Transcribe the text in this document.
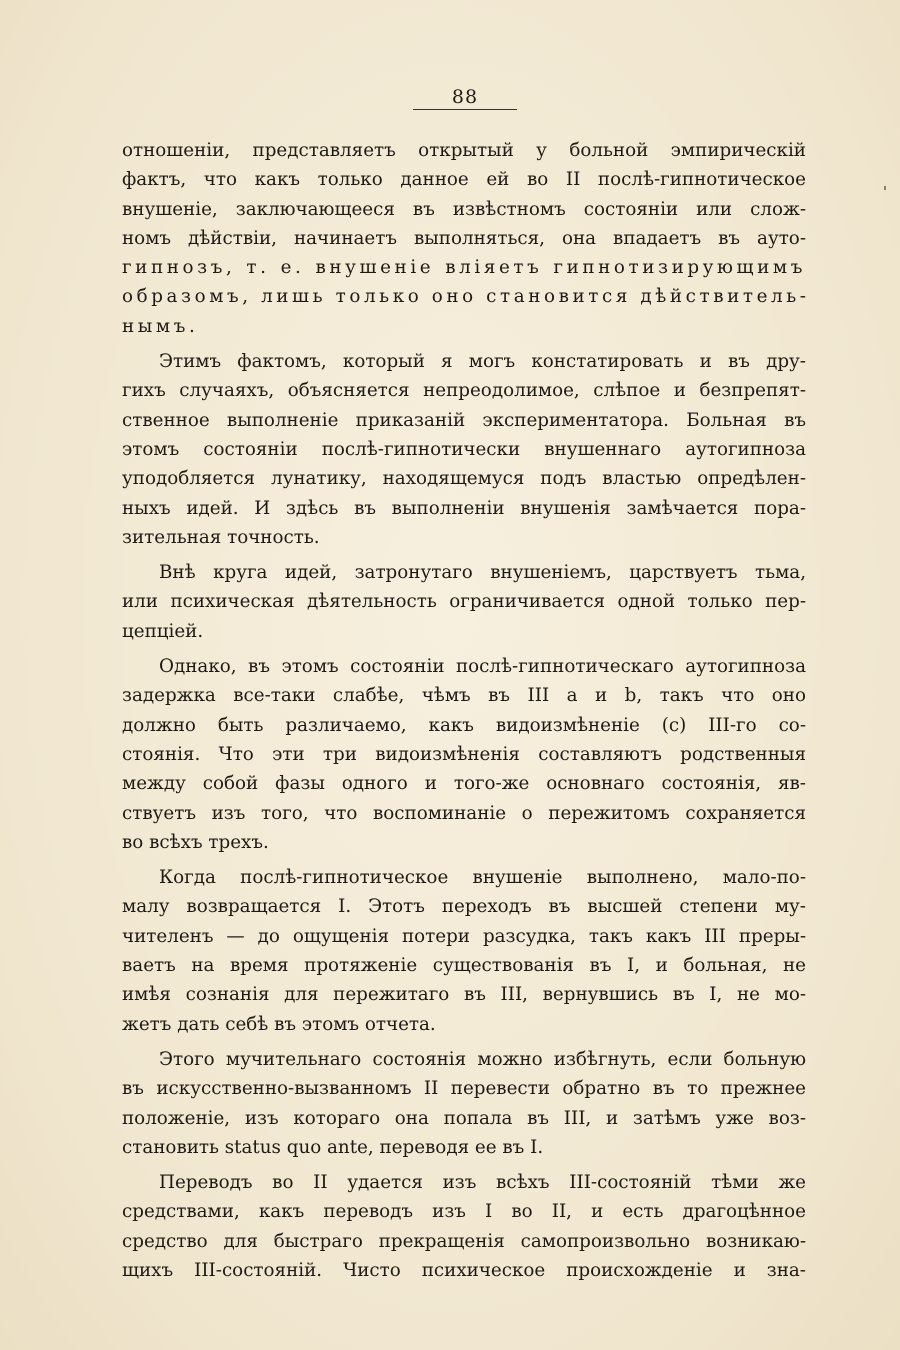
88
отношеніи, представляетъ открытый у больной эмпирическій
фактъ, что какъ только данное ей во II послѣ-гипнотическое
внушеніе, заключающееся въ извѣстномъ состояніи или слож-
номъ дѣйствіи, начинаетъ выполняться, она впадаетъ въ ауто-
гипнозъ, т. е. внушеніе вліяетъ гипнотизирующимъ
образомъ, лишь только оно становится дѣйствитель-
нымъ.
Этимъ фактомъ, который я могъ констатировать и въ дру-
гихъ случаяхъ, объясняется непреодолимое, слѣпое и безпрепят-
ственное выполненіе приказаній экспериментатора. Больная въ
этомъ состояніи послѣ-гипнотически внушеннаго аутогипноза
уподобляется лунатику, находящемуся подъ властью опредѣлен-
ныхъ идей. И здѣсь въ выполненіи внушенія замѣчается пора-
зительная точность.
Внѣ круга идей, затронутаго внушеніемъ, царствуетъ тьма,
или психическая дѣятельность ограничивается одной только пер-
цепціей.
Однако, въ этомъ состояніи послѣ-гипнотическаго аутогипноза
задержка все-таки слабѣе, чѣмъ въ III а и b, такъ что оно
должно быть различаемо, какъ видоизмѣненіе (с) III-го со-
стоянія. Что эти три видоизмѣненія составляютъ родственныя
между собой фазы одного и того-же основнаго состоянія, яв-
ствуетъ изъ того, что воспоминаніе о пережитомъ сохраняется
во всѣхъ трехъ.
Когда послѣ-гипнотическое внушеніе выполнено, мало-по-
малу возвращается I. Этотъ переходъ въ высшей степени му-
чителенъ — до ощущенія потери разсудка, такъ какъ III преры-
ваетъ на время протяженіе существованія въ I, и больная, не
имѣя сознанія для пережитаго въ III, вернувшись въ I, не мо-
жетъ дать себѣ въ этомъ отчета.
Этого мучительнаго состоянія можно избѣгнуть, если больную
въ искусственно-вызванномъ II перевести обратно въ то прежнее
положеніе, изъ котораго она попала въ III, и затѣмъ уже воз-
становить status quo ante, переводя ее въ I.
Переводъ во II удается изъ всѣхъ III-состояній тѣми же
средствами, какъ переводъ изъ I во II, и есть драгоцѣнное
средство для быстраго прекращенія самопроизвольно возникаю-
щихъ III-состояній. Чисто психическое происхожденіе и зна-
